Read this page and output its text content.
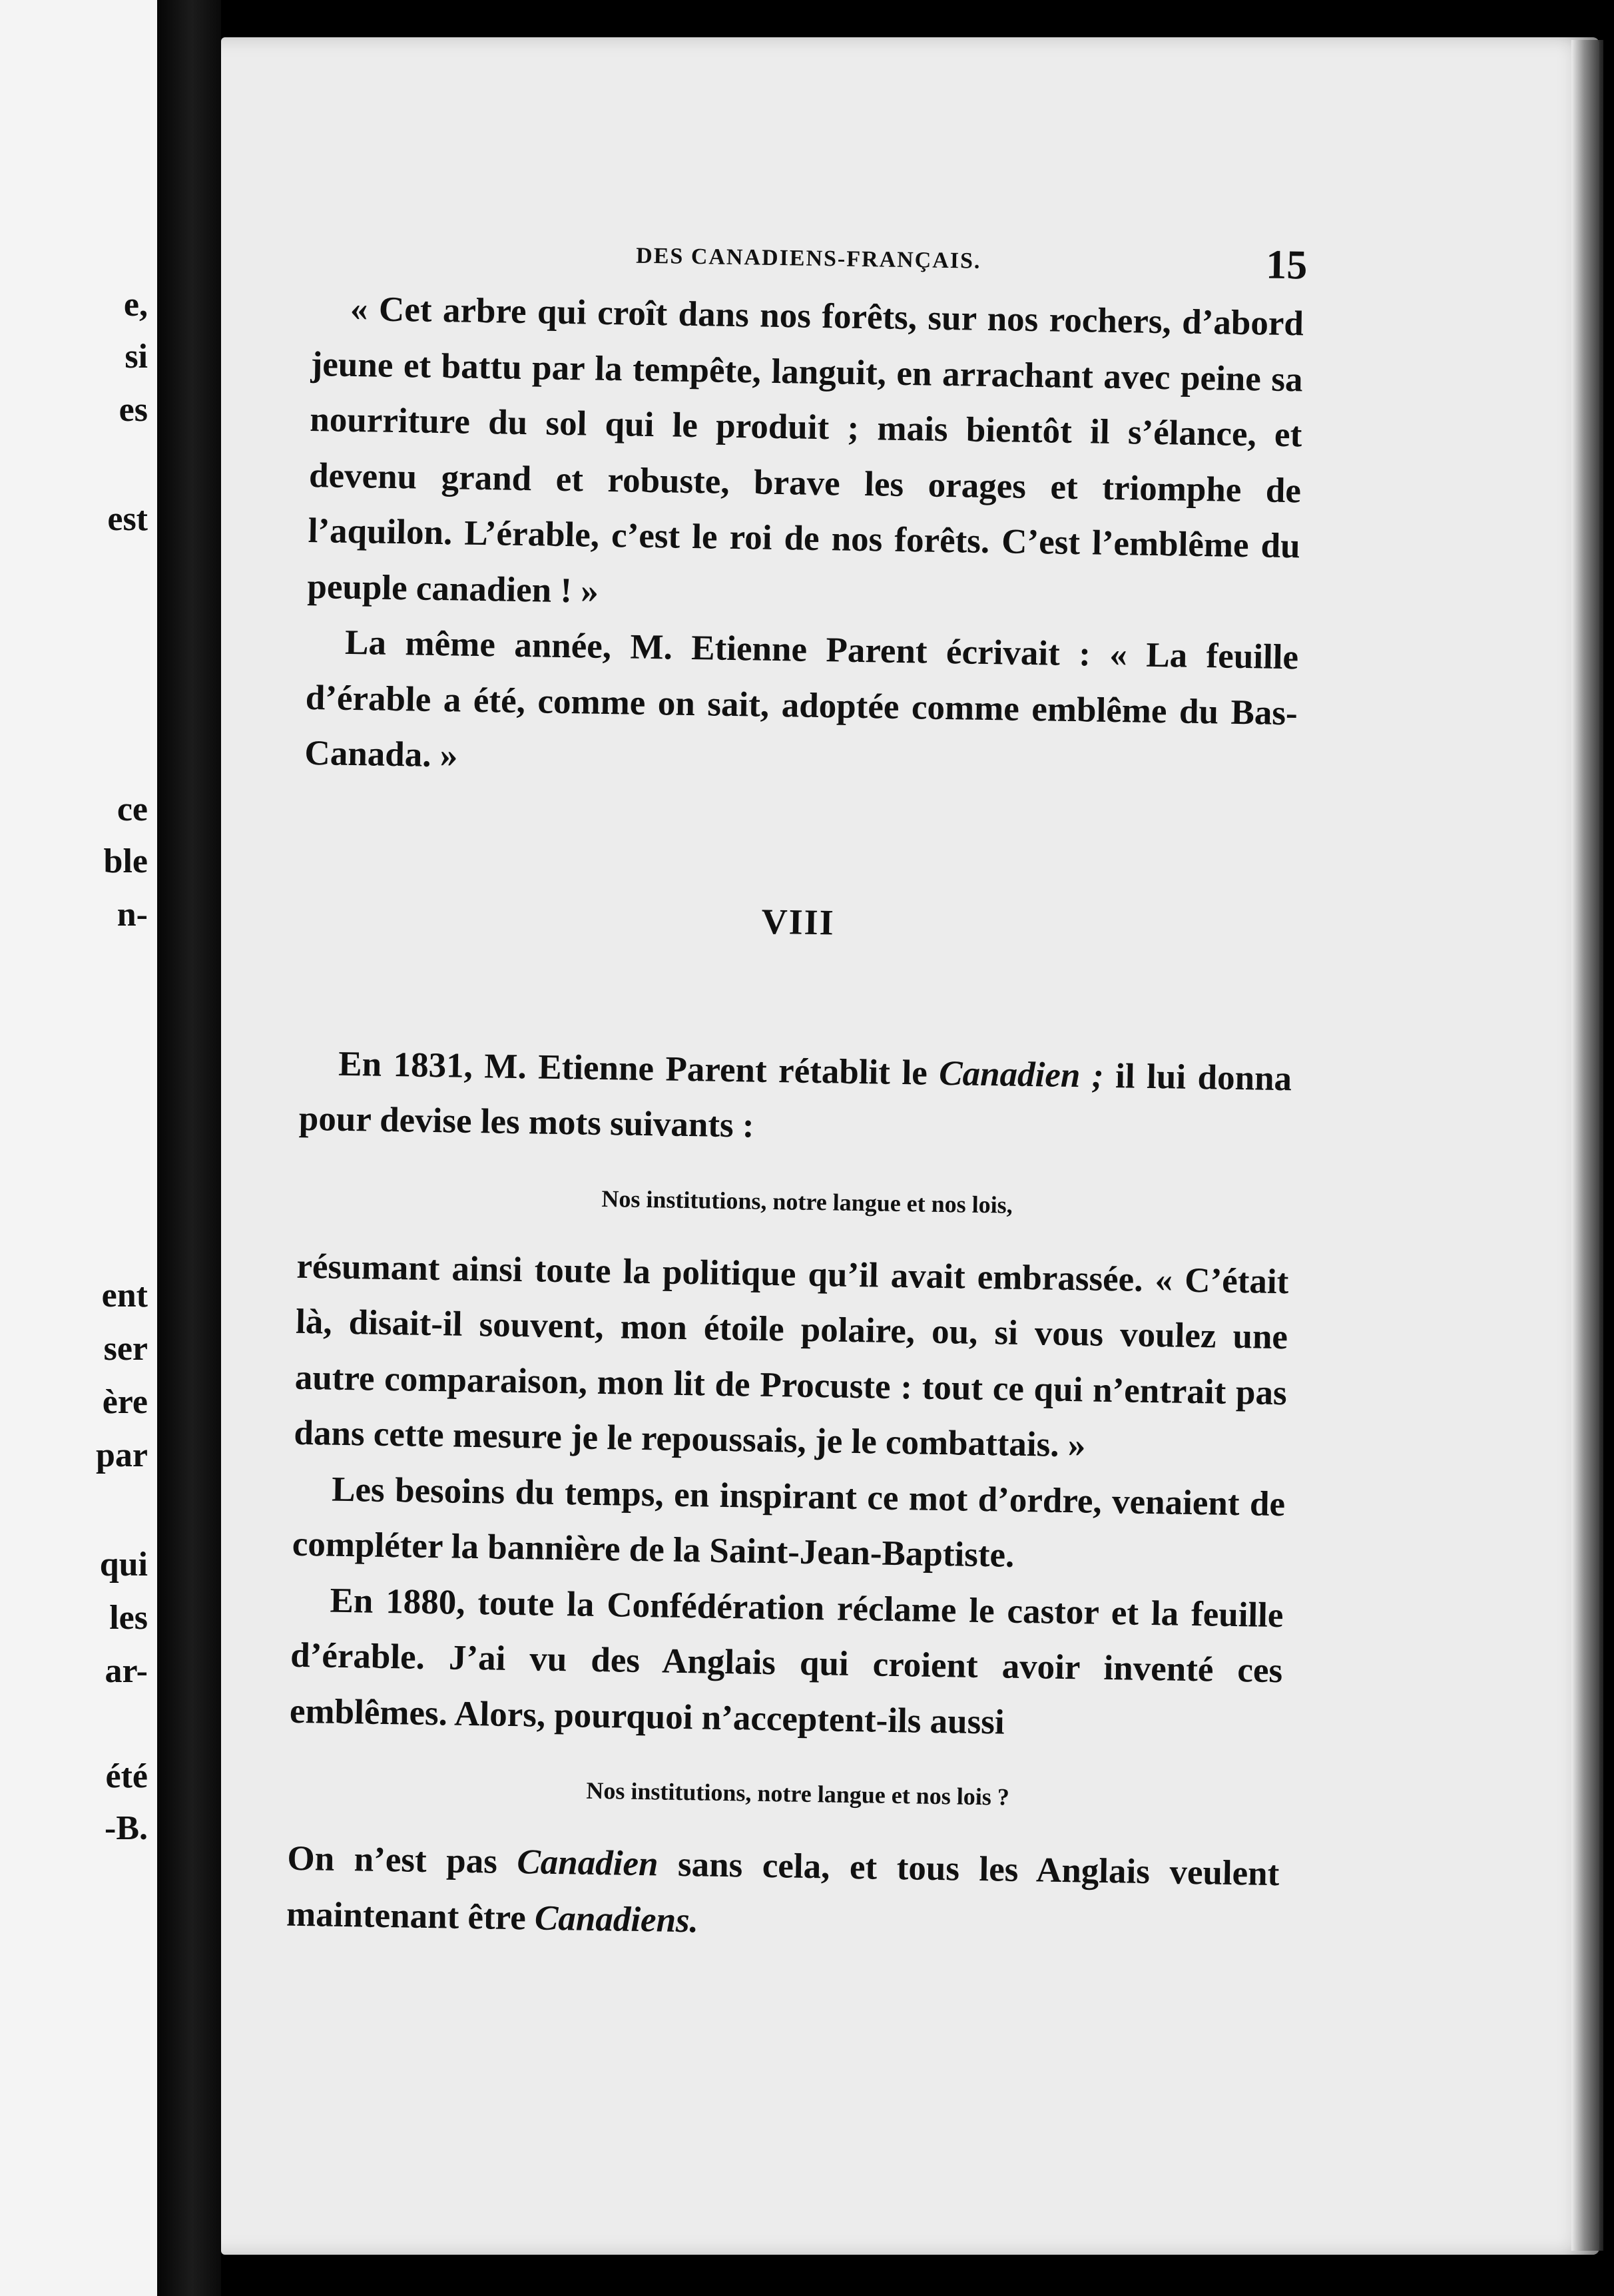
e,
si
es
est
ce
ble
n-
ent
ser
ère
par
qui
les
ar-
été
-B.
DES CANADIENS-FRANÇAIS.	15

« Cet arbre qui croît dans nos forêts, sur nos rochers, d’abord jeune et battu par la tempête, languit, en arrachant avec peine sa nourriture du sol qui le produit ; mais bientôt il s’élance, et devenu grand et robuste, brave les orages et triomphe de l’aquilon. L’érable, c’est le roi de nos forêts. C’est l’emblême du peuple canadien ! »

La même année, M. Etienne Parent écrivait : « La feuille d’érable a été, comme on sait, adoptée comme emblême du Bas-Canada. »

VIII

En 1831, M. Etienne Parent rétablit le Canadien ; il lui donna pour devise les mots suivants :

Nos institutions, notre langue et nos lois,

résumant ainsi toute la politique qu’il avait embrassée. « C’était là, disait-il souvent, mon étoile polaire, ou, si vous voulez une autre comparaison, mon lit de Procuste : tout ce qui n’entrait pas dans cette mesure je le repoussais, je le combattais. »

Les besoins du temps, en inspirant ce mot d’ordre, venaient de compléter la bannière de la Saint-Jean-Baptiste.

En 1880, toute la Confédération réclame le castor et la feuille d’érable. J’ai vu des Anglais qui croient avoir inventé ces emblêmes. Alors, pourquoi n’acceptent-ils aussi

Nos institutions, notre langue et nos lois ?

On n’est pas Canadien sans cela, et tous les Anglais veulent maintenant être Canadiens.
